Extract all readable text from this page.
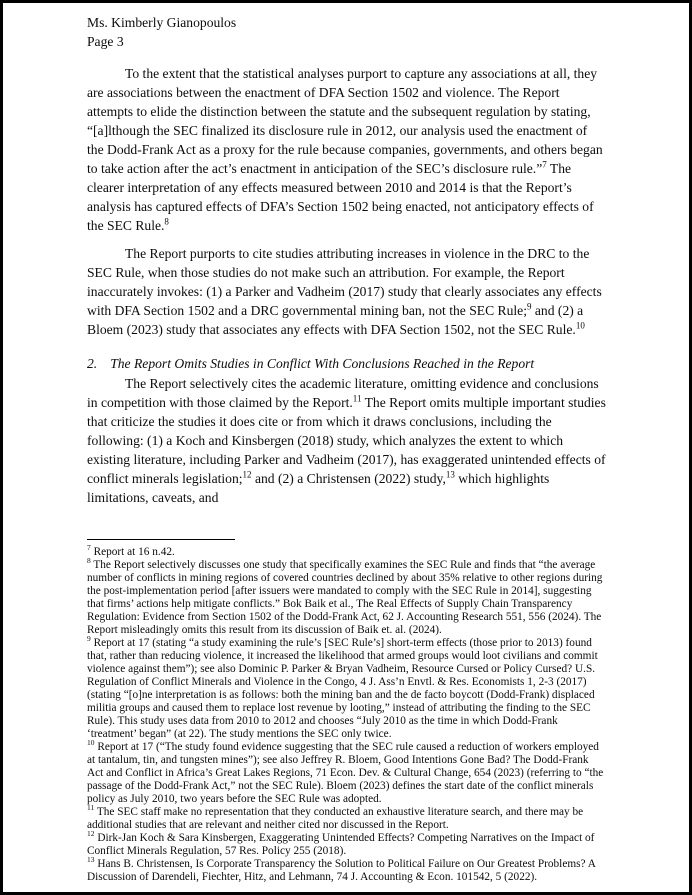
Ms. Kimberly Gianopoulos
Page 3

To the extent that the statistical analyses purport to capture any associations at all, they are associations between the enactment of DFA Section 1502 and violence. The Report attempts to elide the distinction between the statute and the subsequent regulation by stating, “[a]lthough the SEC finalized its disclosure rule in 2012, our analysis used the enactment of the Dodd-Frank Act as a proxy for the rule because companies, governments, and others began to take action after the act’s enactment in anticipation of the SEC’s disclosure rule.”$^7$ The clearer interpretation of any effects measured between 2010 and 2014 is that the Report’s analysis has captured effects of DFA’s Section 1502 being enacted, not anticipatory effects of the SEC Rule.$^8$

The Report purports to cite studies attributing increases in violence in the DRC to the SEC Rule, when those studies do not make such an attribution. For example, the Report inaccurately invokes: (1) a Parker and Vadheim (2017) study that clearly associates any effects with DFA Section 1502 and a DRC governmental mining ban, not the SEC Rule;$^9$ and (2) a Bloem (2023) study that associates any effects with DFA Section 1502, not the SEC Rule.$^{10}$

2. The Report Omits Studies in Conflict With Conclusions Reached in the Report

The Report selectively cites the academic literature, omitting evidence and conclusions in competition with those claimed by the Report.$^{11}$ The Report omits multiple important studies that criticize the studies it does cite or from which it draws conclusions, including the following: (1) a Koch and Kinsbergen (2018) study, which analyzes the extent to which existing literature, including Parker and Vadheim (2017), has exaggerated unintended effects of conflict minerals legislation;$^{12}$ and (2) a Christensen (2022) study,$^{13}$ which highlights limitations, caveats, and

$^7$ Report at 16 n.42.
$^8$ The Report selectively discusses one study that specifically examines the SEC Rule and finds that “the average number of conflicts in mining regions of covered countries declined by about 35% relative to other regions during the post-implementation period [after issuers were mandated to comply with the SEC Rule in 2014], suggesting that firms’ actions help mitigate conflicts.” Bok Baik et al., The Real Effects of Supply Chain Transparency Regulation: Evidence from Section 1502 of the Dodd-Frank Act, 62 J. Accounting Research 551, 556 (2024). The Report misleadingly omits this result from its discussion of Baik et. al. (2024).
$^9$ Report at 17 (stating “a study examining the rule’s [SEC Rule’s] short-term effects (those prior to 2013) found that, rather than reducing violence, it increased the likelihood that armed groups would loot civilians and commit violence against them”); see also Dominic P. Parker & Bryan Vadheim, Resource Cursed or Policy Cursed? U.S. Regulation of Conflict Minerals and Violence in the Congo, 4 J. Ass’n Envtl. & Res. Economists 1, 2-3 (2017) (stating “[o]ne interpretation is as follows: both the mining ban and the de facto boycott (Dodd-Frank) displaced militia groups and caused them to replace lost revenue by looting,” instead of attributing the finding to the SEC Rule). This study uses data from 2010 to 2012 and chooses “July 2010 as the time in which Dodd-Frank ‘treatment’ began” (at 22). The study mentions the SEC only twice.
$^{10}$ Report at 17 (“The study found evidence suggesting that the SEC rule caused a reduction of workers employed at tantalum, tin, and tungsten mines”); see also Jeffrey R. Bloem, Good Intentions Gone Bad? The Dodd-Frank Act and Conflict in Africa’s Great Lakes Regions, 71 Econ. Dev. & Cultural Change, 654 (2023) (referring to “the passage of the Dodd-Frank Act,” not the SEC Rule). Bloem (2023) defines the start date of the conflict minerals policy as July 2010, two years before the SEC Rule was adopted.
$^{11}$ The SEC staff make no representation that they conducted an exhaustive literature search, and there may be additional studies that are relevant and neither cited nor discussed in the Report.
$^{12}$ Dirk-Jan Koch & Sara Kinsbergen, Exaggerating Unintended Effects? Competing Narratives on the Impact of Conflict Minerals Regulation, 57 Res. Policy 255 (2018).
$^{13}$ Hans B. Christensen, Is Corporate Transparency the Solution to Political Failure on Our Greatest Problems? A Discussion of Darendeli, Fiechter, Hitz, and Lehmann, 74 J. Accounting & Econ. 101542, 5 (2022).
